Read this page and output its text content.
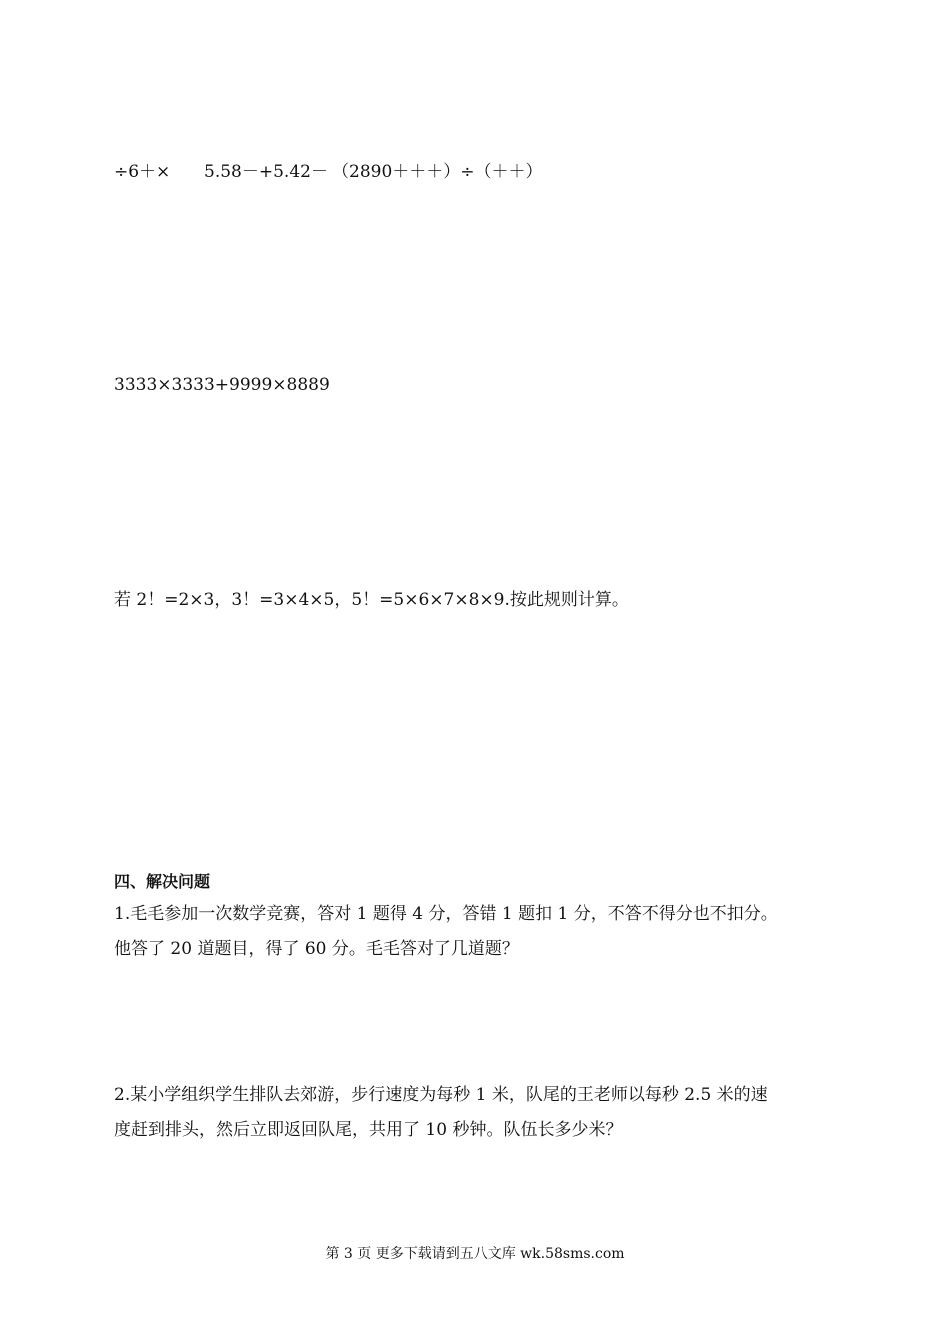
÷6＋×	5.58－+5.42－ （2890＋＋＋）÷（＋＋）
3333×3333+9999×8889
若 2！=2×3，3！=3×4×5，5！=5×6×7×8×9.按此规则计算。
四、解决问题
1.毛毛参加一次数学竞赛，答对 1 题得 4 分，答错 1 题扣 1 分，不答不得分也不扣分。
他答了 20 道题目，得了 60 分。毛毛答对了几道题？
2.某小学组织学生排队去郊游，步行速度为每秒 1 米，队尾的王老师以每秒 2.5 米的速
度赶到排头，然后立即返回队尾，共用了 10 秒钟。队伍长多少米？
第 3 页 更多下载请到五八文库 wk.58sms.com
